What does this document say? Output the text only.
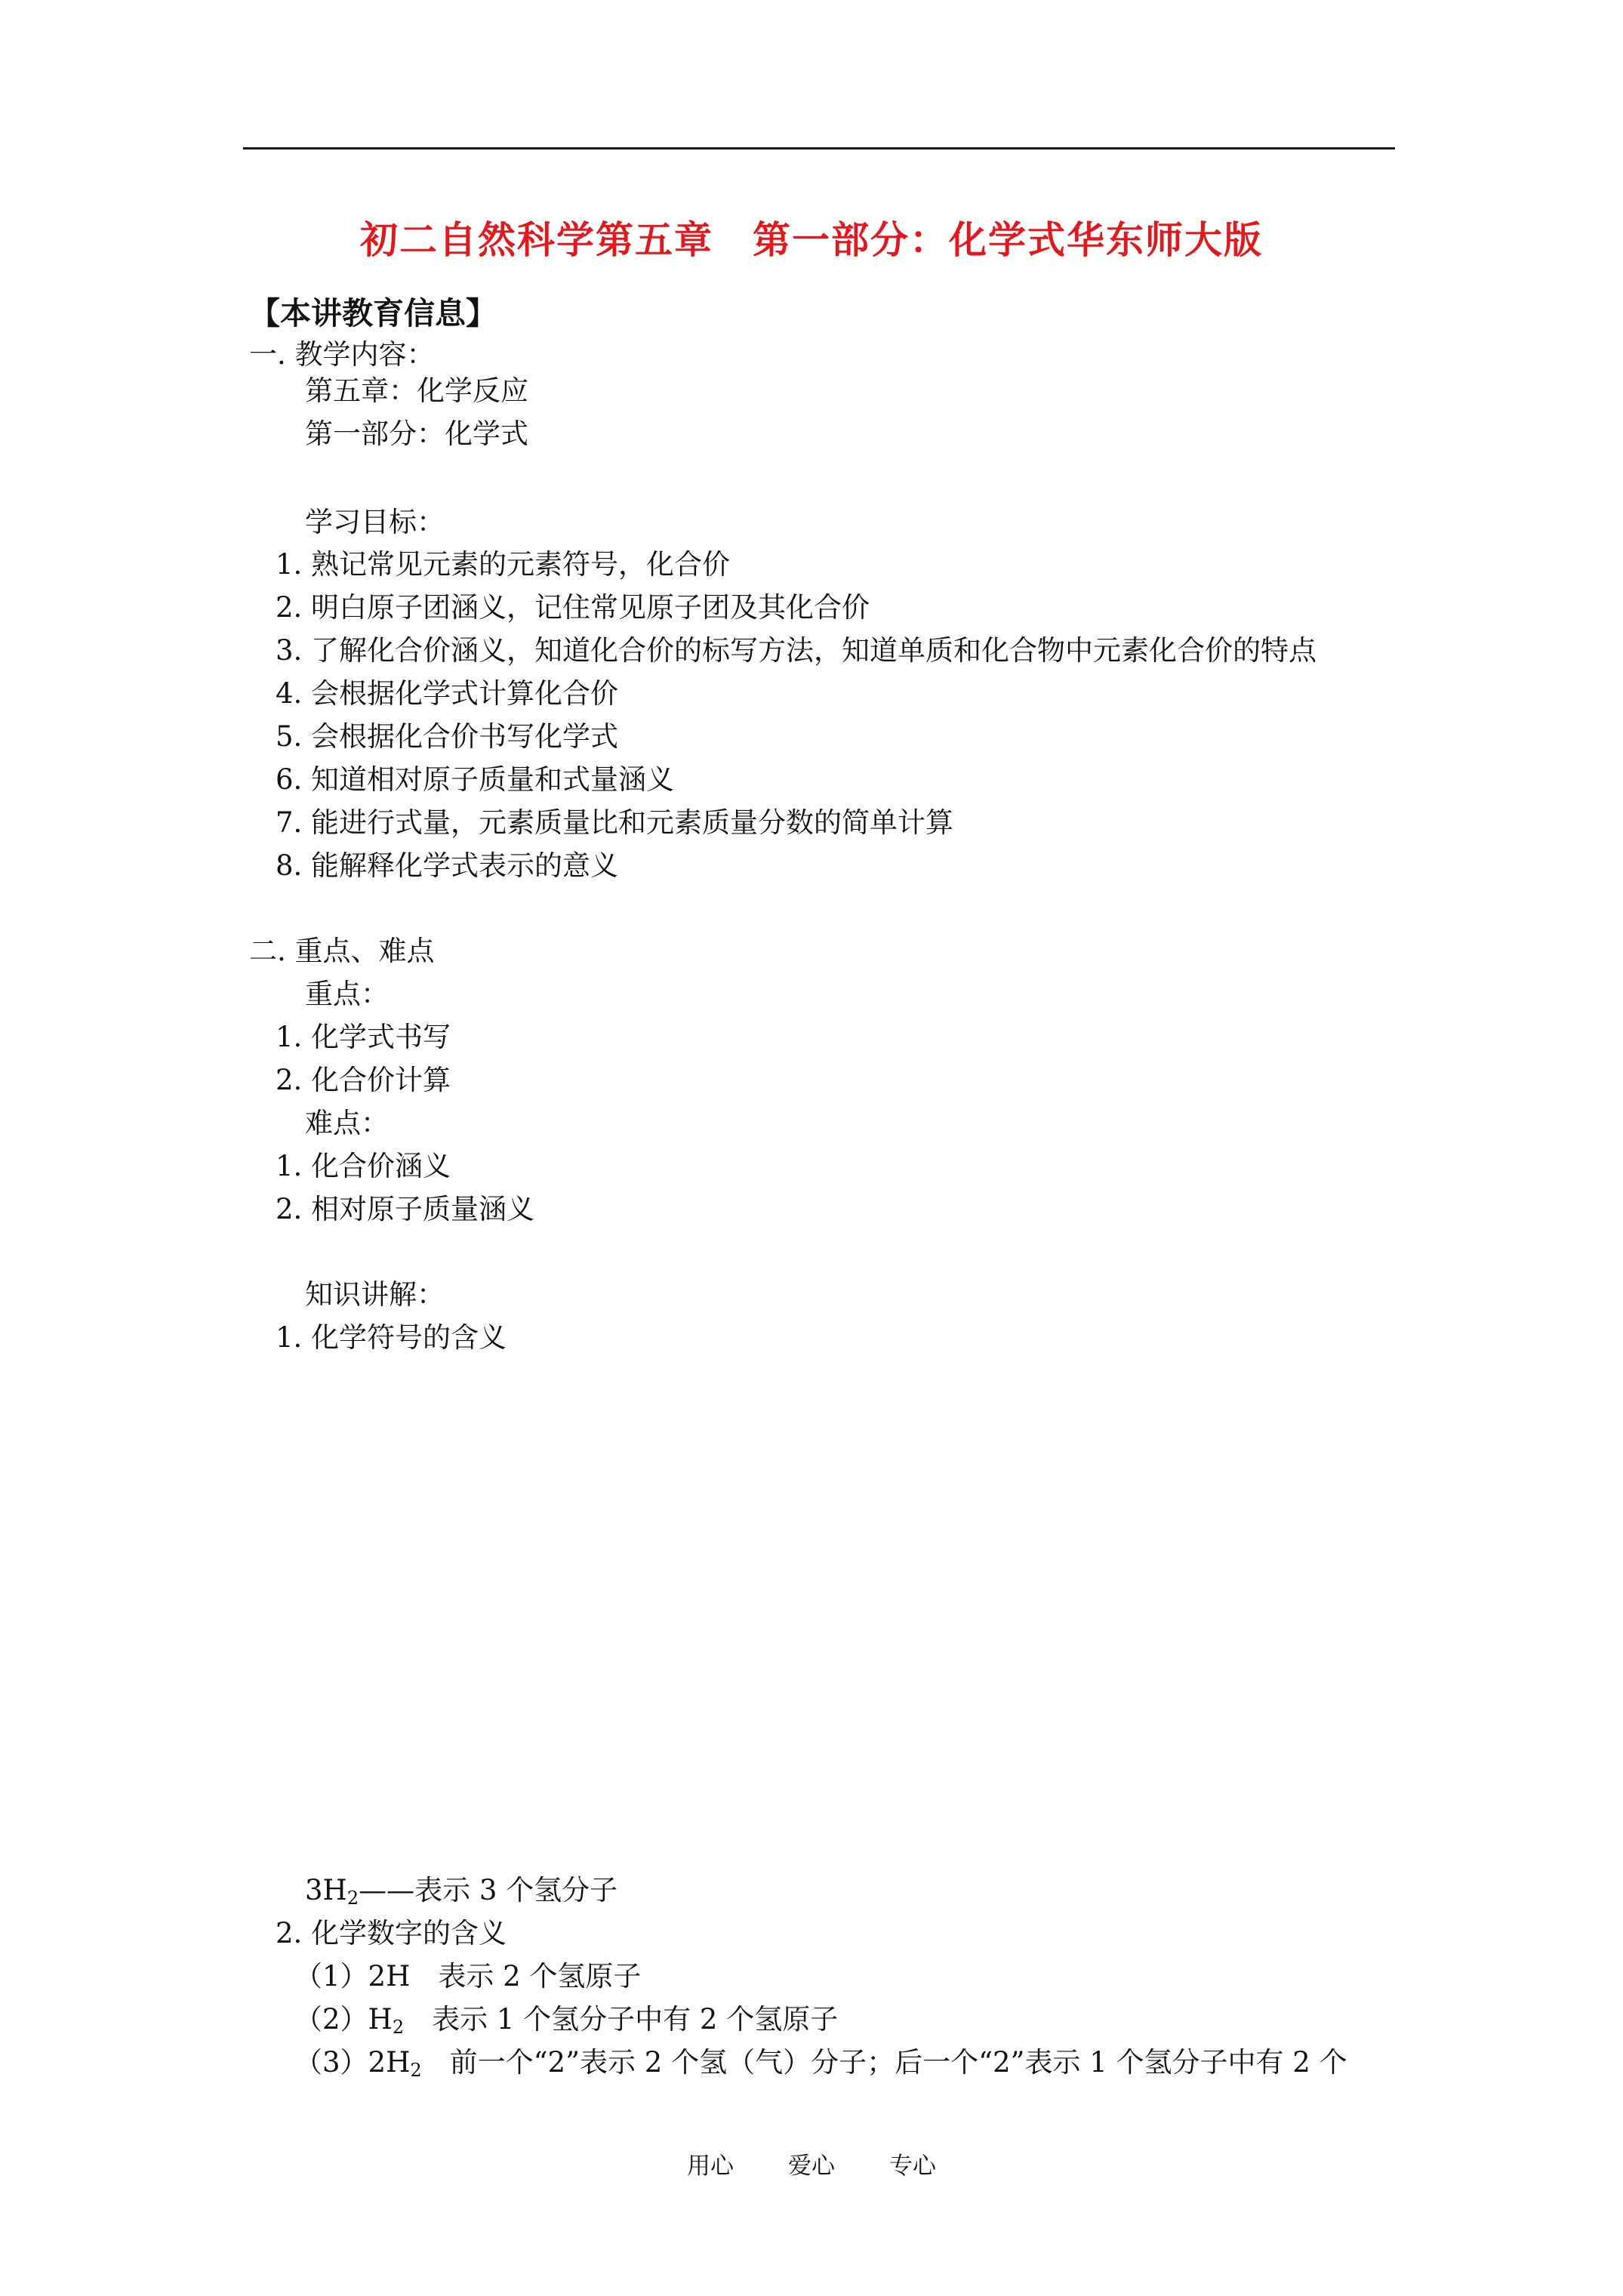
初二自然科学第五章　第一部分：化学式华东师大版
【本讲教育信息】
一. 教学内容：
第五章：化学反应
第一部分：化学式
学习目标：
1. 熟记常见元素的元素符号，化合价
2. 明白原子团涵义，记住常见原子团及其化合价
3. 了解化合价涵义，知道化合价的标写方法，知道单质和化合物中元素化合价的特点
4. 会根据化学式计算化合价
5. 会根据化合价书写化学式
6. 知道相对原子质量和式量涵义
7. 能进行式量，元素质量比和元素质量分数的简单计算
8. 能解释化学式表示的意义
二. 重点、难点
重点：
1. 化学式书写
2. 化合价计算
难点：
1. 化合价涵义
2. 相对原子质量涵义
知识讲解：
1. 化学符号的含义
$3H_2——$表示 3 个氢分子
2. 化学数字的含义
（1）2H　表示 2 个氢原子
$(2)H_2$　表示 1 个氢分子中有 2 个氢原子
$(3)2H_2$　前一个“2”表示 2 个氢（气）分子；后一个“2”表示 1 个氢分子中有 2 个
用心 爱心 专心
